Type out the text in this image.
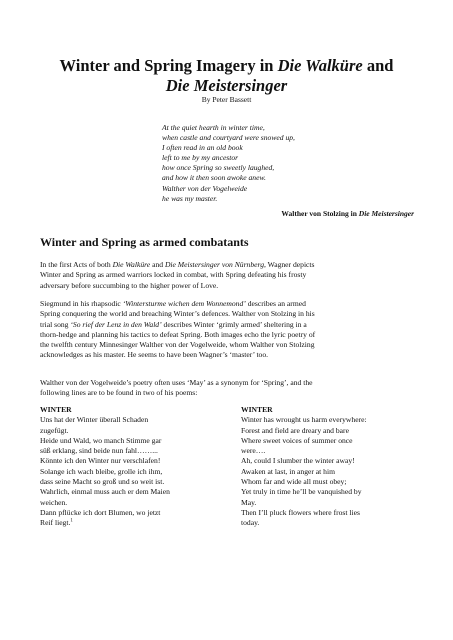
Winter and Spring Imagery in Die Walküre and
Die Meistersinger
By Peter Bassett
At the quiet hearth in winter time,
when castle and courtyard were snowed up,
I often read in an old book
left to me by my ancestor
how once Spring so sweetly laughed,
and how it then soon awoke anew.
Walther von der Vogelweide
he was my master.
Walther von Stolzing in Die Meistersinger
Winter and Spring as armed combatants
In the first Acts of both Die Walküre and Die Meistersinger von Nürnberg, Wagner depicts
Winter and Spring as armed warriors locked in combat, with Spring defeating his frosty
adversary before succumbing to the higher power of Love.
Siegmund in his rhapsodic ‘Wintersturme wichen dem Wonnemond’ describes an armed
Spring conquering the world and breaching Winter’s defences. Walther von Stolzing in his
trial song ‘So rief der Lenz in den Wald’ describes Winter ‘grimly armed’ sheltering in a
thorn-hedge and planning his tactics to defeat Spring. Both images echo the lyric poetry of
the twelfth century Minnesinger Walther von der Vogelweide, whom Walther von Stolzing
acknowledges as his master. He seems to have been Wagner’s ‘master’ too.
Walther von der Vogelweide’s poetry often uses ‘May’ as a synonym for ‘Spring’, and the
following lines are to be found in two of his poems:
WINTER
Uns hat der Winter überall Schaden
zugefügt.
Heide und Wald, wo manch Stimme gar
süß erklang, sind beide nun fahl……...
Könnte ich den Winter nur verschlafen!
Solange ich wach bleibe, grolle ich ihm,
dass seine Macht so groß und so weit ist.
Wahrlich, einmal muss auch er dem Maien
weichen.
Dann pflücke ich dort Blumen, wo jetzt
Reif liegt.$^1$
WINTER
Winter has wrought us harm everywhere:
Forest and field are dreary and bare
Where sweet voices of summer once
were….
Ah, could I slumber the winter away!
Awaken at last, in anger at him
Whom far and wide all must obey;
Yet truly in time he’ll be vanquished by
May.
Then I’ll pluck flowers where frost lies
today.
